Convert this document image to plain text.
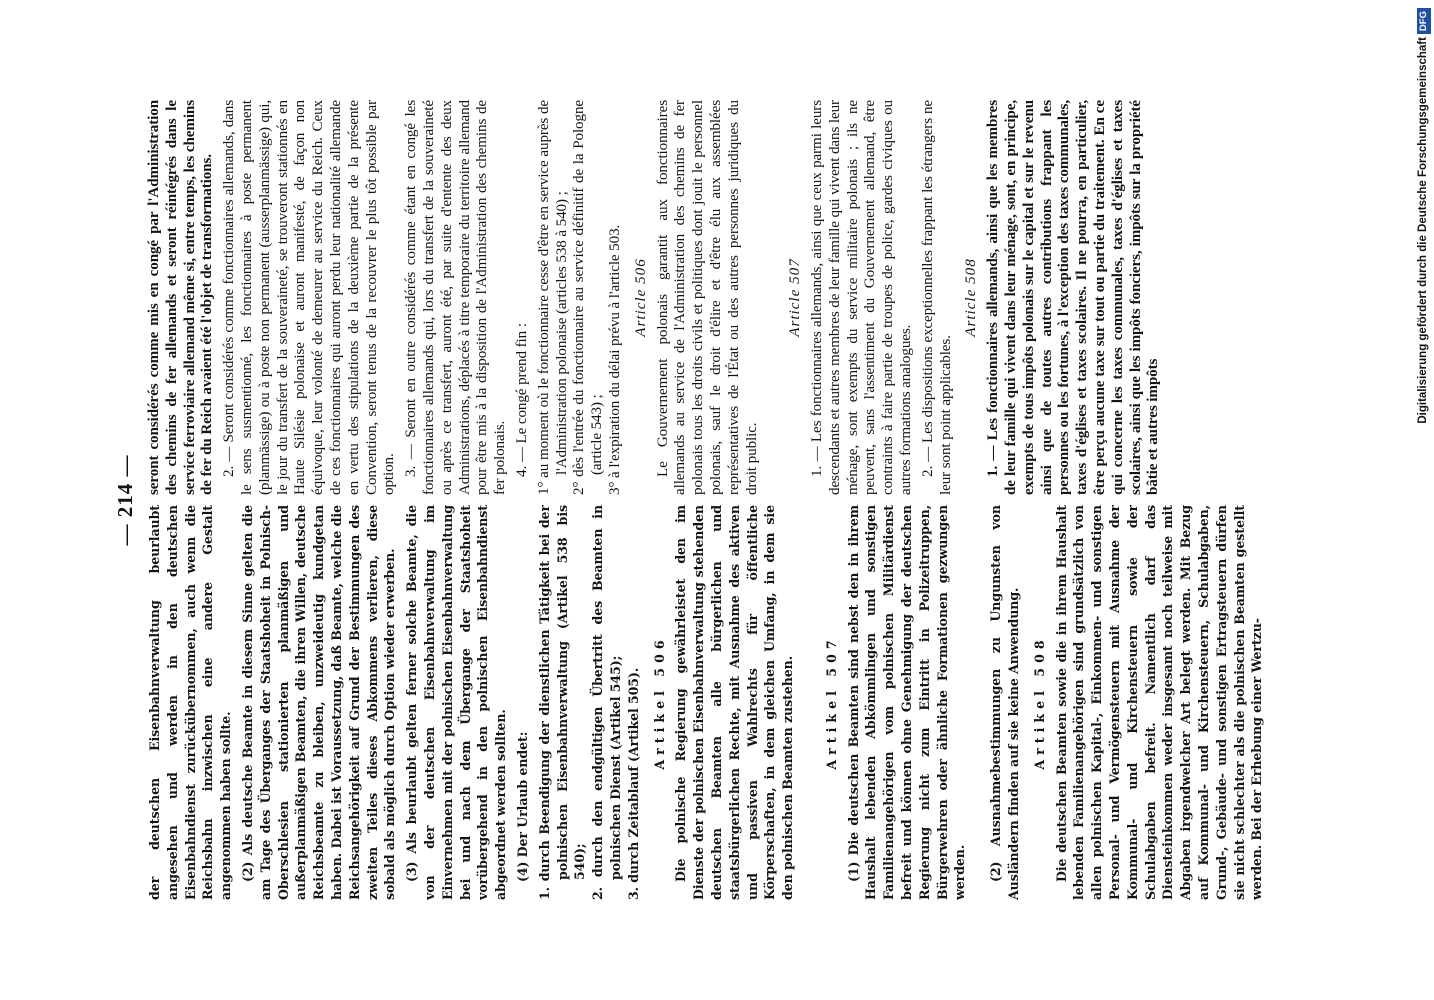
— 214 —

der deutschen Eisenbahnverwaltung beurlaubt angesehen und werden in den deutschen Eisenbahndienst zurückübernommen, auch wenn die Reichsbahn inzwischen eine andere Gestalt angenommen haben sollte. (2) Als deutsche Beamte in diesem Sinne gelten die am Tage des Überganges der Staatshoheit in Polnisch-Oberschlesien stationierten planmäßigen und außerplanmäßigen Beamten, die ihren Willen, deutsche Reichsbeamte zu bleiben, unzweideutig kundgetan haben. Dabei ist Voraussetzung, daß Beamte, welche die Reichsangehörigkeit auf Grund der Bestimmungen des zweiten Teiles dieses Abkommens verlieren, diese sobald als möglich durch Option wieder erwerben. (3) Als beurlaubt gelten ferner solche Beamte, die von der deutschen Eisenbahnverwaltung im Einvernehmen mit der polnischen Eisenbahnverwaltung bei und nach dem Übergange der Staatshoheit vorübergehend in den polnischen Eisenbahndienst abgeordnet werden sollten. (4) Der Urlaub endet: 1. durch Beendigung der dienstlichen Tätigkeit bei der polnischen Eisenbahnverwaltung (Artikel 538 bis 540); 2. durch den endgültigen Übertritt des Beamten in polnischen Dienst (Artikel 545); 3. durch Zeitablauf (Artikel 505). Artikel 506 Die polnische Regierung gewährleistet den im Dienste der polnischen Eisenbahnverwaltung stehenden deutschen Beamten alle bürgerlichen und staatsbürgerlichen Rechte, mit Ausnahme des aktiven und passiven Wahlrechts für öffentliche Körperschaften, in dem gleichen Umfang, in dem sie den polnischen Beamten zustehen. Artikel 507 (1) Die deutschen Beamten sind nebst den in ihrem Haushalt lebenden Abkömmlingen und sonstigen Familienangehörigen vom polnischen Militärdienst befreit und können ohne Genehmigung der deutschen Regierung nicht zum Eintritt in Polizeitruppen, Bürgerwehren oder ähnliche Formationen gezwungen werden. (2) Ausnahmebestimmungen zu Ungunsten von Ausländern finden auf sie keine Anwendung. Artikel 508 Die deutschen Beamten sowie die in ihrem Haushalt lebenden Familienangehörigen sind grundsätzlich von allen polnischen Kapital-, Einkommen- und sonstigen Personal- und Vermögensteuern mit Ausnahme der Kommunal- und Kirchensteuern sowie der Schulabgaben befreit. Namentlich darf das Diensteinkommen weder insgesamt noch teilweise mit Abgaben irgendwelcher Art belegt werden. Mit Bezug auf Kommunal- und Kirchensteuern, Schulabgaben, Grund-, Gebäude- und sonstigen Ertragsteuern dürfen sie nicht schlechter als die polnischen Beamten gestellt werden. Bei der Erhebung einer Wertzu-

seront considérés comme mis en congé par l'Administration des chemins de fer allemands et seront réintégrés dans le service ferroviaire allemand même si, entre temps, les chemins de fer du Reich avaient été l'objet de transformations. 2. — Seront considérés comme fonctionnaires allemands, dans le sens susmentionné, les fonctionnaires à poste permanent (planmässige) ou à poste non permanent (ausserplanmässige) qui, le jour du transfert de la souveraineté, se trouveront stationnés en Haute Silésie polonaise et auront manifesté, de façon non équivoque, leur volonté de demeurer au service du Reich. Ceux de ces fonctionnaires qui auront perdu leur nationalité allemande en vertu des stipulations de la deuxième partie de la présente Convention, seront tenus de la recouvrer le plus tôt possible par option. 3. — Seront en outre considérés comme étant en congé les fonctionnaires allemands qui, lors du transfert de la souveraineté ou après ce transfert, auront été, par suite d'entente des deux Administrations, déplacés à titre temporaire du territoire allemand pour être mis à la disposition de l'Administration des chemins de fer polonais. 4. — Le congé prend fin : 1° au moment où le fonctionnaire cesse d'être en service auprès de l'Administration polonaise (articles 538 à 540) ; 2° dès l'entrée du fonctionnaire au service définitif de la Pologne (article 543) ; 3° à l'expiration du délai prévu à l'article 503. Article 506 Le Gouvernement polonais garantit aux fonctionnaires allemands au service de l'Administration des chemins de fer polonais tous les droits civils et politiques dont jouit le personnel polonais, sauf le droit d'élire et d'être élu aux assemblées représentatives de l'État ou des autres personnes juridiques du droit public.

Article 507 1. — Les fonctionnaires allemands, ainsi que ceux parmi leurs descendants et autres membres de leur famille qui vivent dans leur ménage, sont exempts du service militaire polonais ; ils ne peuvent, sans l'assentiment du Gouvernement allemand, être contraints à faire partie de troupes de police, gardes civiques ou autres formations analogues. 2. — Les dispositions exceptionnelles frappant les étrangers ne leur sont point applicables.

Article 508 1. — Les fonctionnaires allemands, ainsi que les membres de leur famille qui vivent dans leur ménage, sont, en principe, exempts de tous impôts polonais sur le capital et sur le revenu ainsi que de toutes autres contributions frappant les personnes ou les fortunes, à l'exception des taxes communales, taxes d'églises et taxes scolaires. Il ne pourra, en particulier, être perçu aucune taxe sur tout ou partie du traitement. En ce qui concerne les taxes communales, taxes d'églises et taxes scolaires, ainsi que les impôts fonciers, impôts sur la propriété bâtie et autres impôts

Digitalisierung gefördert durch die Deutsche ForschungsgemeinschaftDFG
